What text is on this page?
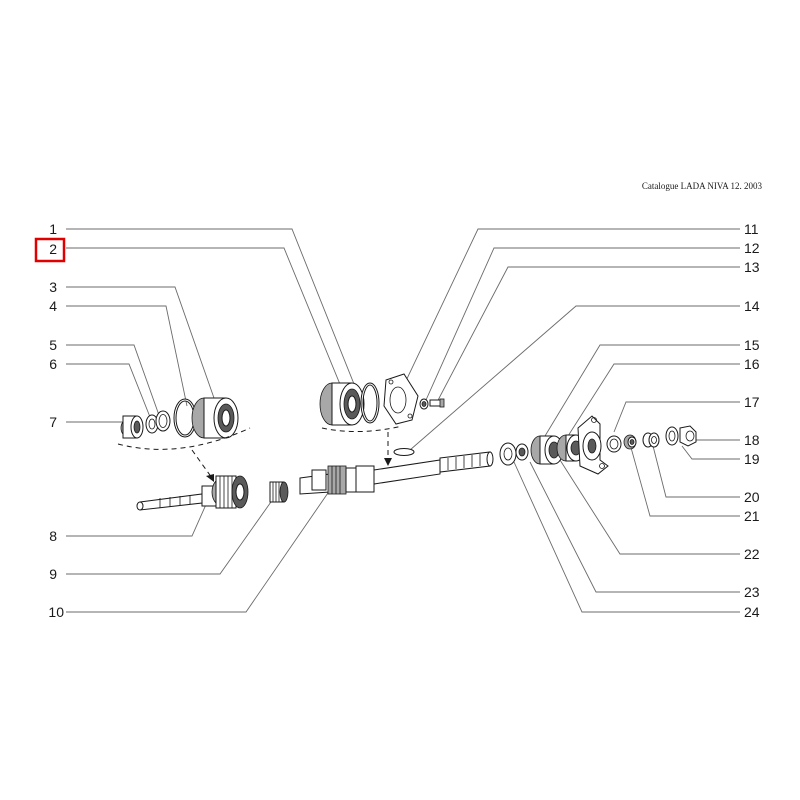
Catalogue LADA NIVA 12. 2003
1
2
3
4
5
6
7
8
9
10
11
12
13
14
15
16
17
18
19
20
21
22
23
24
